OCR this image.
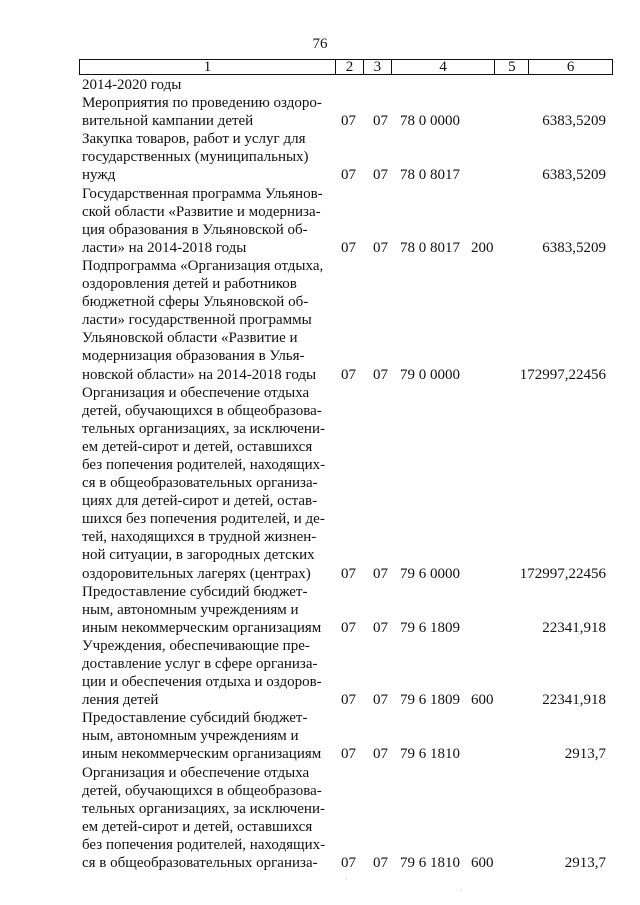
76
1	2	3	4	5	6
2014-2020 годы
Мероприятия по проведению оздоро-
вительной кампании детей	07 07 78 0 0000	6383,5209
Закупка товаров, работ и услуг для
государственных (муниципальных)
нужд	07 07 78 0 8017	6383,5209
Государственная программа Ульянов-
ской области «Развитие и модерниза-
ция образования в Ульяновской об-
ласти» на 2014-2018 годы	07 07 78 0 8017 200	6383,5209
Подпрограмма «Организация отдыха,
оздоровления детей и работников
бюджетной сферы Ульяновской об-
ласти» государственной программы
Ульяновской области «Развитие и
модернизация образования в Улья-
новской области» на 2014-2018 годы	07 07 79 0 0000	172997,22456
Организация и обеспечение отдыха
детей, обучающихся в общеобразова-
тельных организациях, за исключени-
ем детей-сирот и детей, оставшихся
без попечения родителей, находящих-
ся в общеобразовательных организа-
циях для детей-сирот и детей, остав-
шихся без попечения родителей, и де-
тей, находящихся в трудной жизнен-
ной ситуации, в загородных детских
оздоровительных лагерях (центрах)	07 07 79 6 0000	172997,22456
Предоставление субсидий бюджет-
ным, автономным учреждениям и
иным некоммерческим организациям	07 07 79 6 1809	22341,918
Учреждения, обеспечивающие пре-
доставление услуг в сфере организа-
ции и обеспечения отдыха и оздоров-
ления детей	07 07 79 6 1809 600	22341,918
Предоставление субсидий бюджет-
ным, автономным учреждениям и
иным некоммерческим организациям	07 07 79 6 1810	2913,7
Организация и обеспечение отдыха
детей, обучающихся в общеобразова-
тельных организациях, за исключени-
ем детей-сирот и детей, оставшихся
без попечения родителей, находящих-
ся в общеобразовательных организа-	07 07 79 6 1810 600	2913,7
·
·
